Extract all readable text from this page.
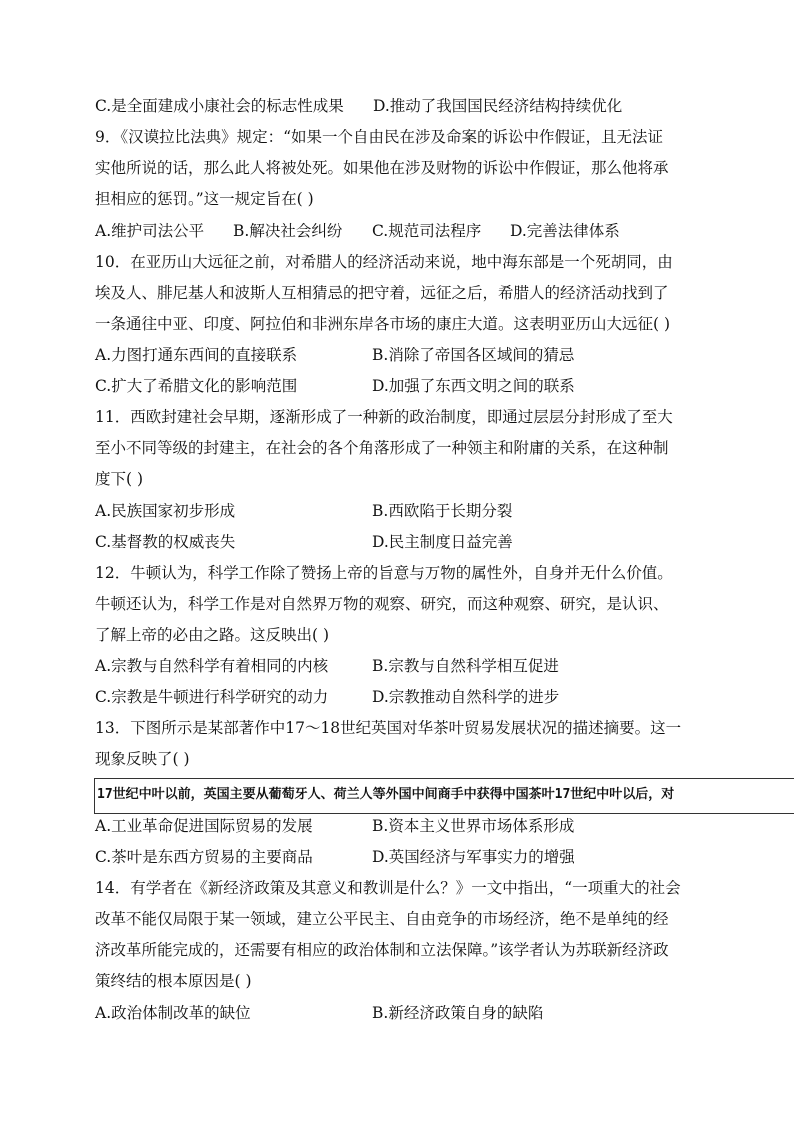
C.是全面建成小康社会的标志性成果 D.推动了我国国民经济结构持续优化
9．《汉谟拉比法典》规定：“如果一个自由民在涉及命案的诉讼中作假证，且无法证
实他所说的话，那么此人将被处死。如果他在涉及财物的诉讼中作假证，那么他将承
担相应的惩罚。”这一规定旨在( )
A.维护司法公平 B.解决社会纠纷 C.规范司法程序 D.完善法律体系
10．在亚历山大远征之前，对希腊人的经济活动来说，地中海东部是一个死胡同，由
埃及人、腓尼基人和波斯人互相猜忌的把守着，远征之后，希腊人的经济活动找到了
一条通往中亚、印度、阿拉伯和非洲东岸各市场的康庄大道。这表明亚历山大远征( )
A.力图打通东西间的直接联系	B.消除了帝国各区域间的猜忌
C.扩大了希腊文化的影响范围	D.加强了东西文明之间的联系
11．西欧封建社会早期，逐渐形成了一种新的政治制度，即通过层层分封形成了至大
至小不同等级的封建主，在社会的各个角落形成了一种领主和附庸的关系，在这种制
度下( )
A.民族国家初步形成	B.西欧陷于长期分裂
C.基督教的权威丧失	D.民主制度日益完善
12．牛顿认为，科学工作除了赞扬上帝的旨意与万物的属性外，自身并无什么价值。
牛顿还认为，科学工作是对自然界万物的观察、研究，而这种观察、研究，是认识、
了解上帝的必由之路。这反映出( )
A.宗教与自然科学有着相同的内核	B.宗教与自然科学相互促进
C.宗教是牛顿进行科学研究的动力	D.宗教推动自然科学的进步
13．下图所示是某部著作中17～18世纪英国对华茶叶贸易发展状况的描述摘要。这一
现象反映了( )
17世纪中叶以前，英国主要从葡萄牙人、荷兰人等外国中间商手中获得中国茶叶17世纪中叶以后，对
A.工业革命促进国际贸易的发展	B.资本主义世界市场体系形成
C.茶叶是东西方贸易的主要商品	D.英国经济与军事实力的增强
14．有学者在《新经济政策及其意义和教训是什么？》一文中指出，“一项重大的社会
改革不能仅局限于某一领域，建立公平民主、自由竞争的市场经济，绝不是单纯的经
济改革所能完成的，还需要有相应的政治体制和立法保障。”该学者认为苏联新经济政
策终结的根本原因是( )
A.政治体制改革的缺位	B.新经济政策自身的缺陷
